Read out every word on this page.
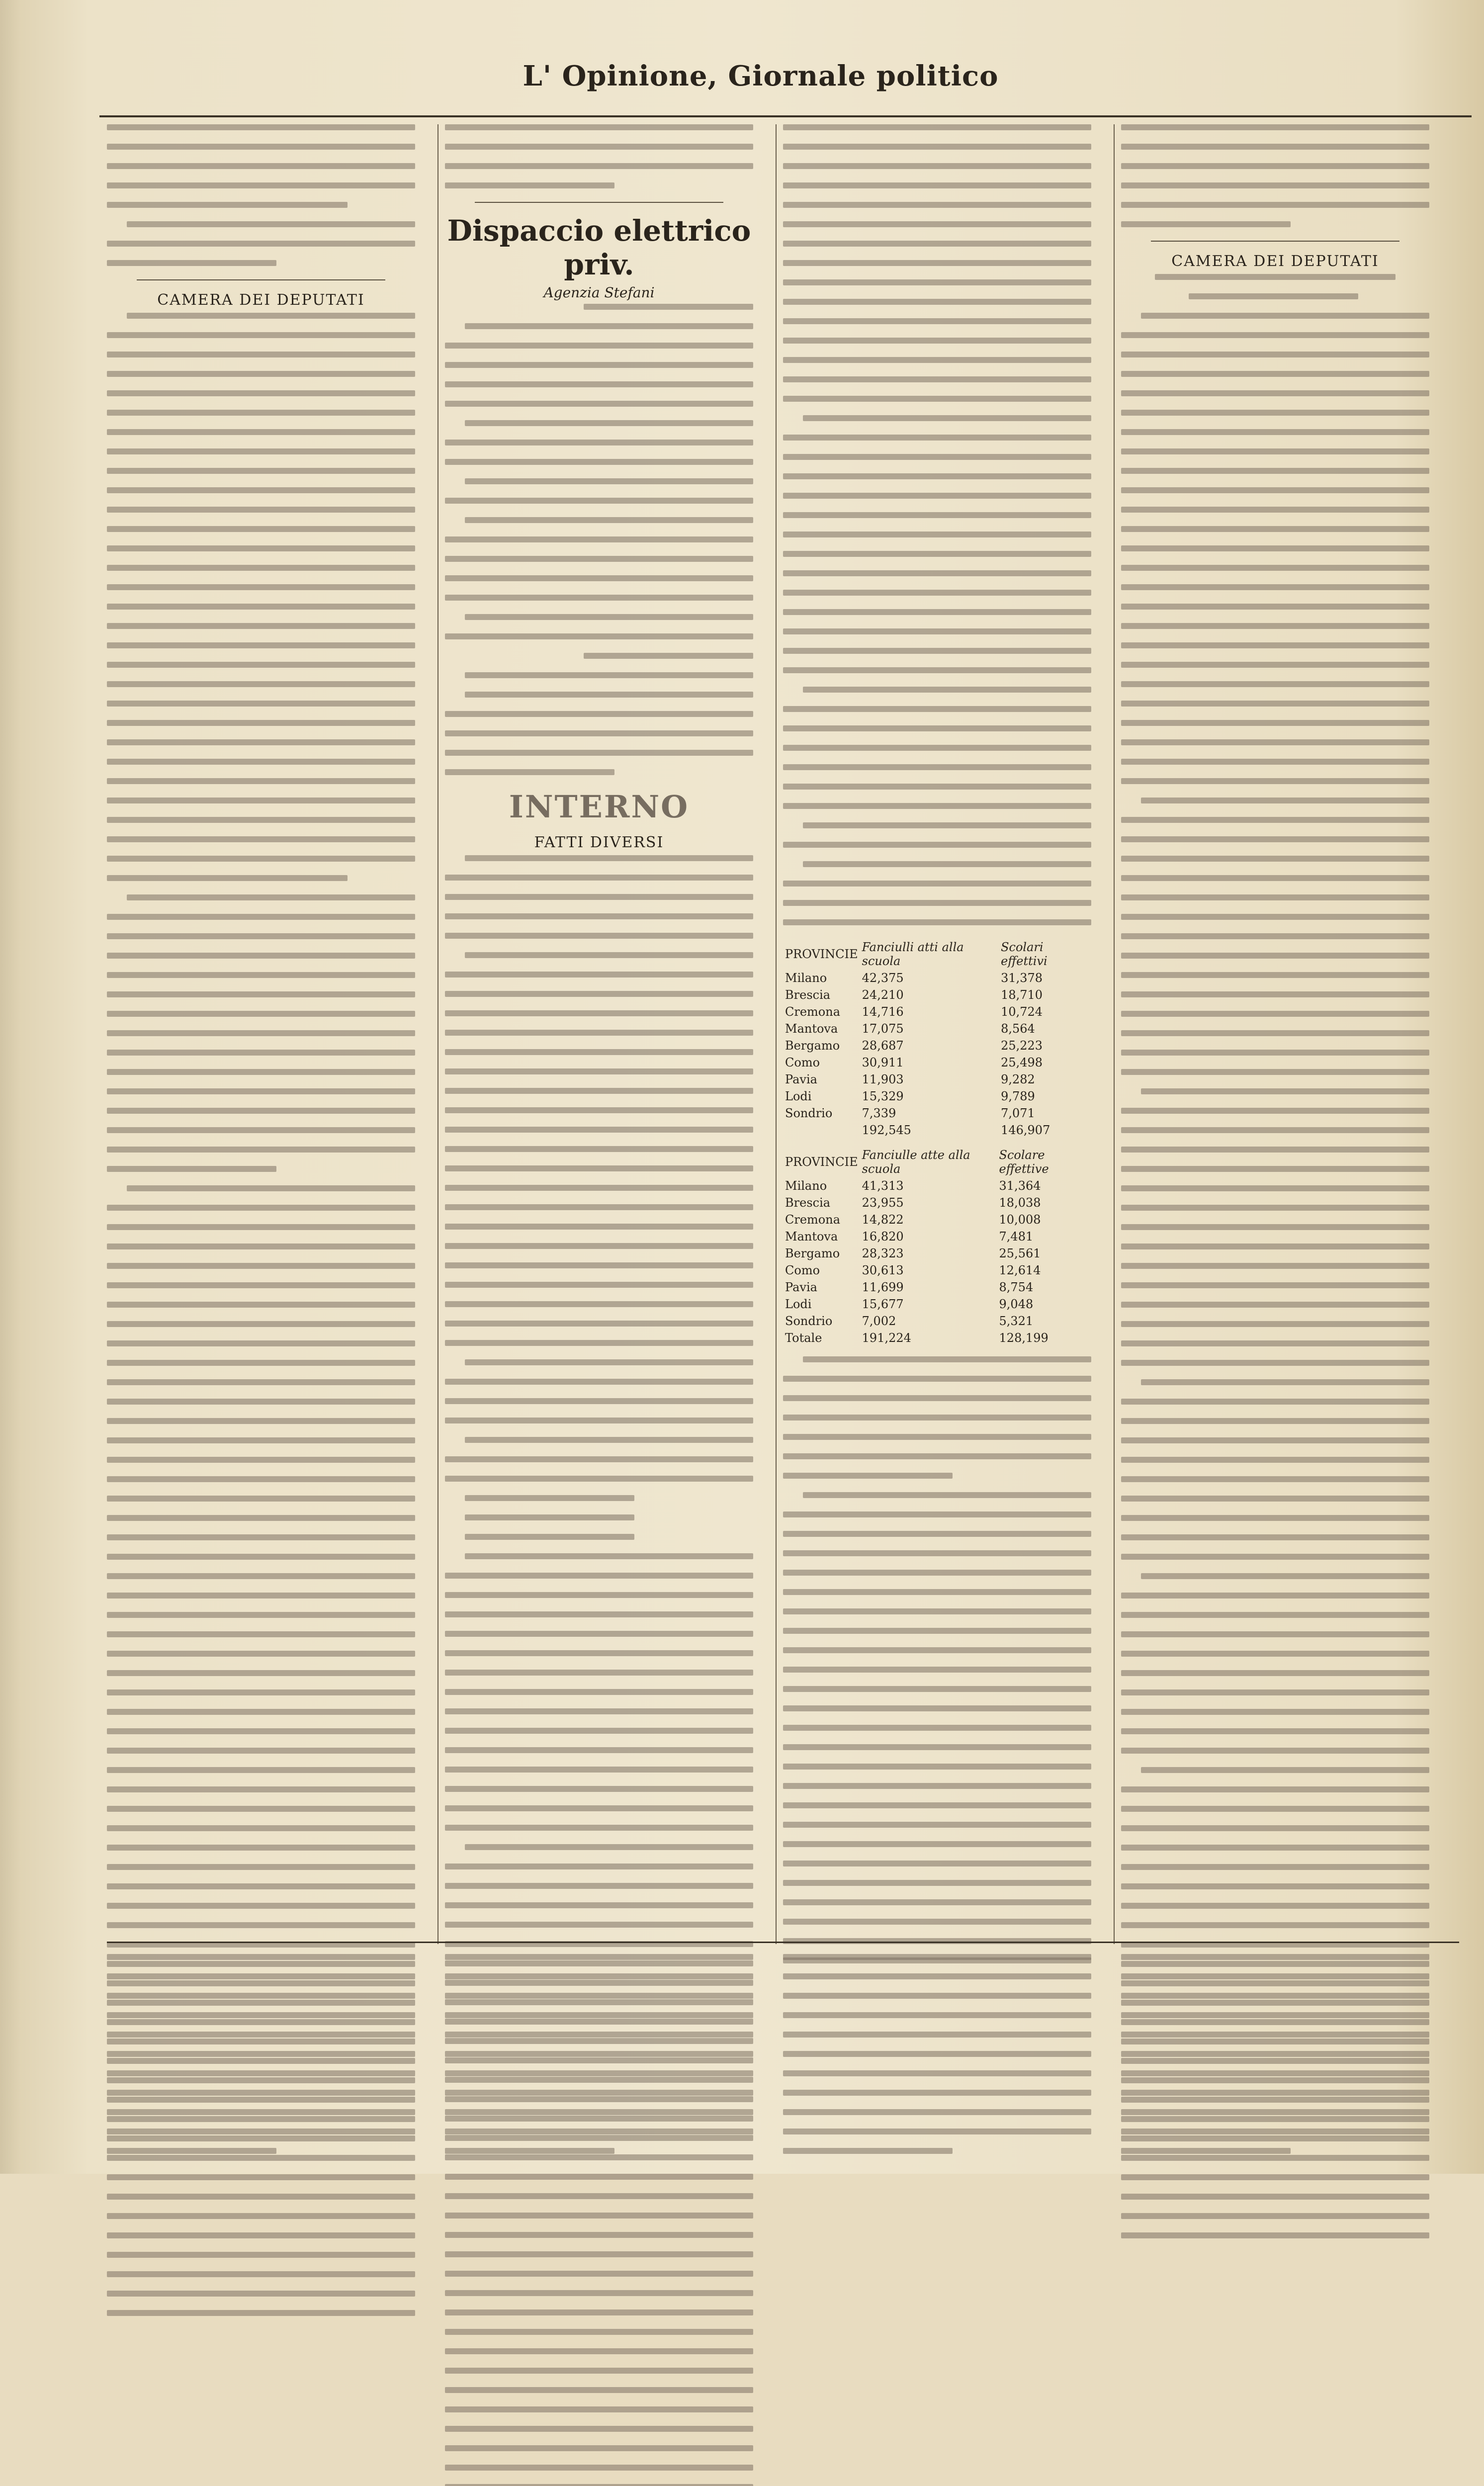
L' Opinione, Giornale politico
CAMERA DEI DEPUTATI
Dispaccio elettrico priv.
Agenzia Stefani
INTERNO
FATTI DIVERSI
PROVINCIE	Fanciulli atti alla scuola	Scolari effettivi
Milano	42,375	31,378
Brescia	24,210	18,710
Cremona	14,716	10,724
Mantova	17,075	8,564
Bergamo	28,687	25,223
Como	30,911	25,498
Pavia	11,903	9,282
Lodi	15,329	9,789
Sondrio	7,339	7,071
	192,545	146,907
PROVINCIE	Fanciulle atte alla scuola	Scolare effettive
Milano	41,313	31,364
Brescia	23,955	18,038
Cremona	14,822	10,008
Mantova	16,820	7,481
Bergamo	28,323	25,561
Como	30,613	12,614
Pavia	11,699	8,754
Lodi	15,677	9,048
Sondrio	7,002	5,321
Totale	191,224	128,199
CAMERA DEI DEPUTATI
